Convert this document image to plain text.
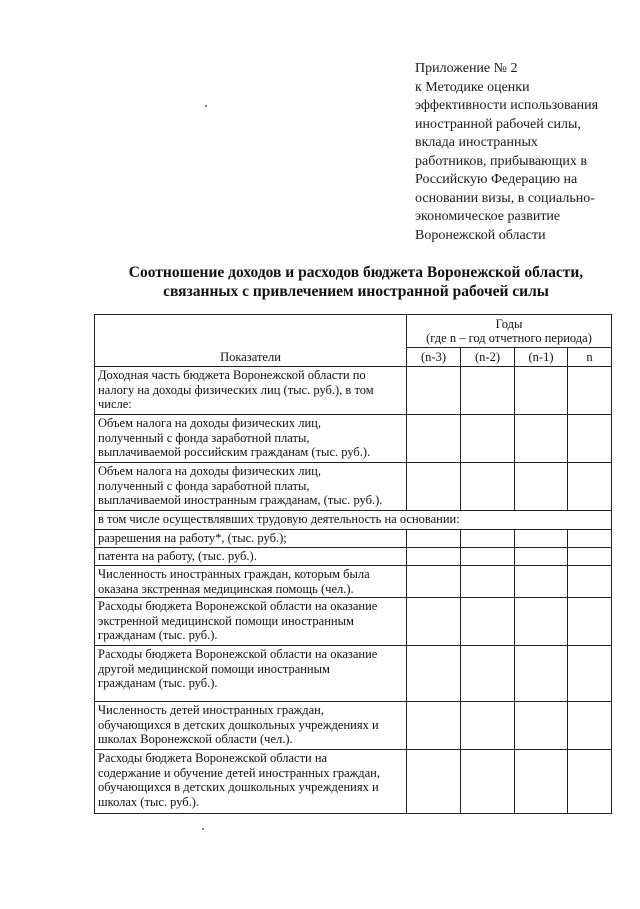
Приложение № 2
к Методике оценки
эффективности использования
иностранной рабочей силы,
вклада иностранных
работников, прибывающих в
Российскую Федерацию на
основании визы, в социально-
экономическое развитие
Воронежской области
Соотношение доходов и расходов бюджета Воронежской области,
связанных с привлечением иностранной рабочей силы
Показатели	Годы
(где n – год отчетного периода)			

	(n-3)	(n-2)	(n-1)	n

Доходная часть бюджета Воронежской области по
налогу на доходы физических лиц (тыс. руб.), в том
числе:				

Объем налога на доходы физических лиц,
полученный с фонда заработной платы,
выплачиваемой российским гражданам (тыс. руб.).				

Объем налога на доходы физических лиц,
полученный с фонда заработной платы,
выплачиваемой иностранным гражданам, (тыс. руб.).				

в том числе осуществлявших трудовую деятельность на основании:				

разрешения на работу*, (тыс. руб.);				

патента на работу, (тыс. руб.).				

Численность иностранных граждан, которым была
оказана экстренная медицинская помощь (чел.).				

Расходы бюджета Воронежской области на оказание
экстренной медицинской помощи иностранным
гражданам (тыс. руб.).				

Расходы бюджета Воронежской области на оказание
другой медицинской помощи иностранным
гражданам (тыс. руб.).				

Численность детей иностранных граждан,
обучающихся в детских дошкольных учреждениях и
школах Воронежской области (чел.).				

Расходы бюджета Воронежской области на
содержание и обучение детей иностранных граждан,
обучающихся в детских дошкольных учреждениях и
школах (тыс. руб.).				
